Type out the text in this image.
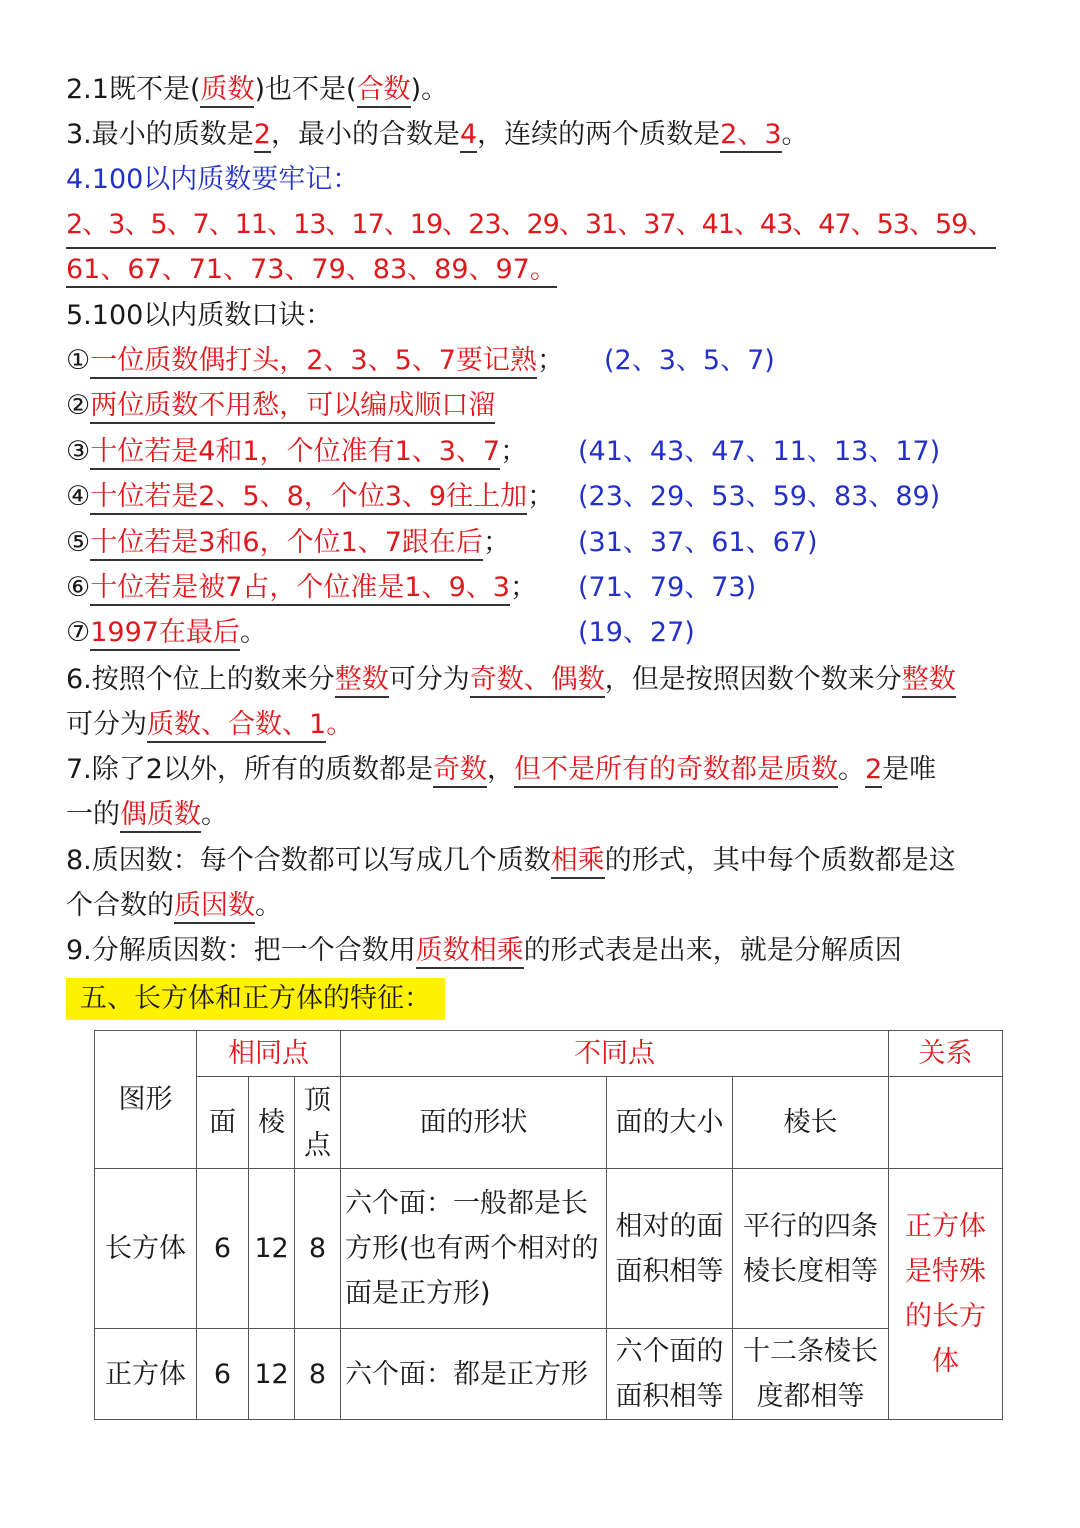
2.1既不是(质数)也不是(合数)。
3.最小的质数是2，最小的合数是4，连续的两个质数是2、3。
4.100以内质数要牢记：
2、3、5、7、11、13、17、19、23、29、31、37、41、43、47、53、59、
61、67、71、73、79、83、89、97。
5.100以内质数口诀：
①一位质数偶打头，2、3、5、7要记熟； (2、3、5、7)
②两位质数不用愁，可以编成顺口溜
③十位若是4和1，个位准有1、3、7； (41、43、47、11、13、17)
④十位若是2、5、8，个位3、9往上加； (23、29、53、59、83、89)
⑤十位若是3和6，个位1、7跟在后；	(31、37、61、67)
⑥十位若是被7占，个位准是1、9、3； (71、79、73)
⑦1997在最后。	(19、27)
6.按照个位上的数来分整数可分为奇数、偶数，但是按照因数个数来分整数
可分为质数、合数、1。
7.除了2以外，所有的质数都是奇数，但不是所有的奇数都是质数。2是唯
一的偶质数。
8.质因数：每个合数都可以写成几个质数相乘的形式，其中每个质数都是这
个合数的质因数。
9.分解质因数：把一个合数用质数相乘的形式表是出来，就是分解质因
五、长方体和正方体的特征：
图形	相同点			不同点			关系
	面	棱	顶点	面的形状	面的大小	棱长	
长方体	6	12	8	六个面：一般都是长方形(也有两个相对的面是正方形)	相对的面面积相等	平行的四条棱长度相等	正方体是特殊的长方体
正方体	6	12	8	六个面：都是正方形	六个面的面积相等	十二条棱长度都相等	
